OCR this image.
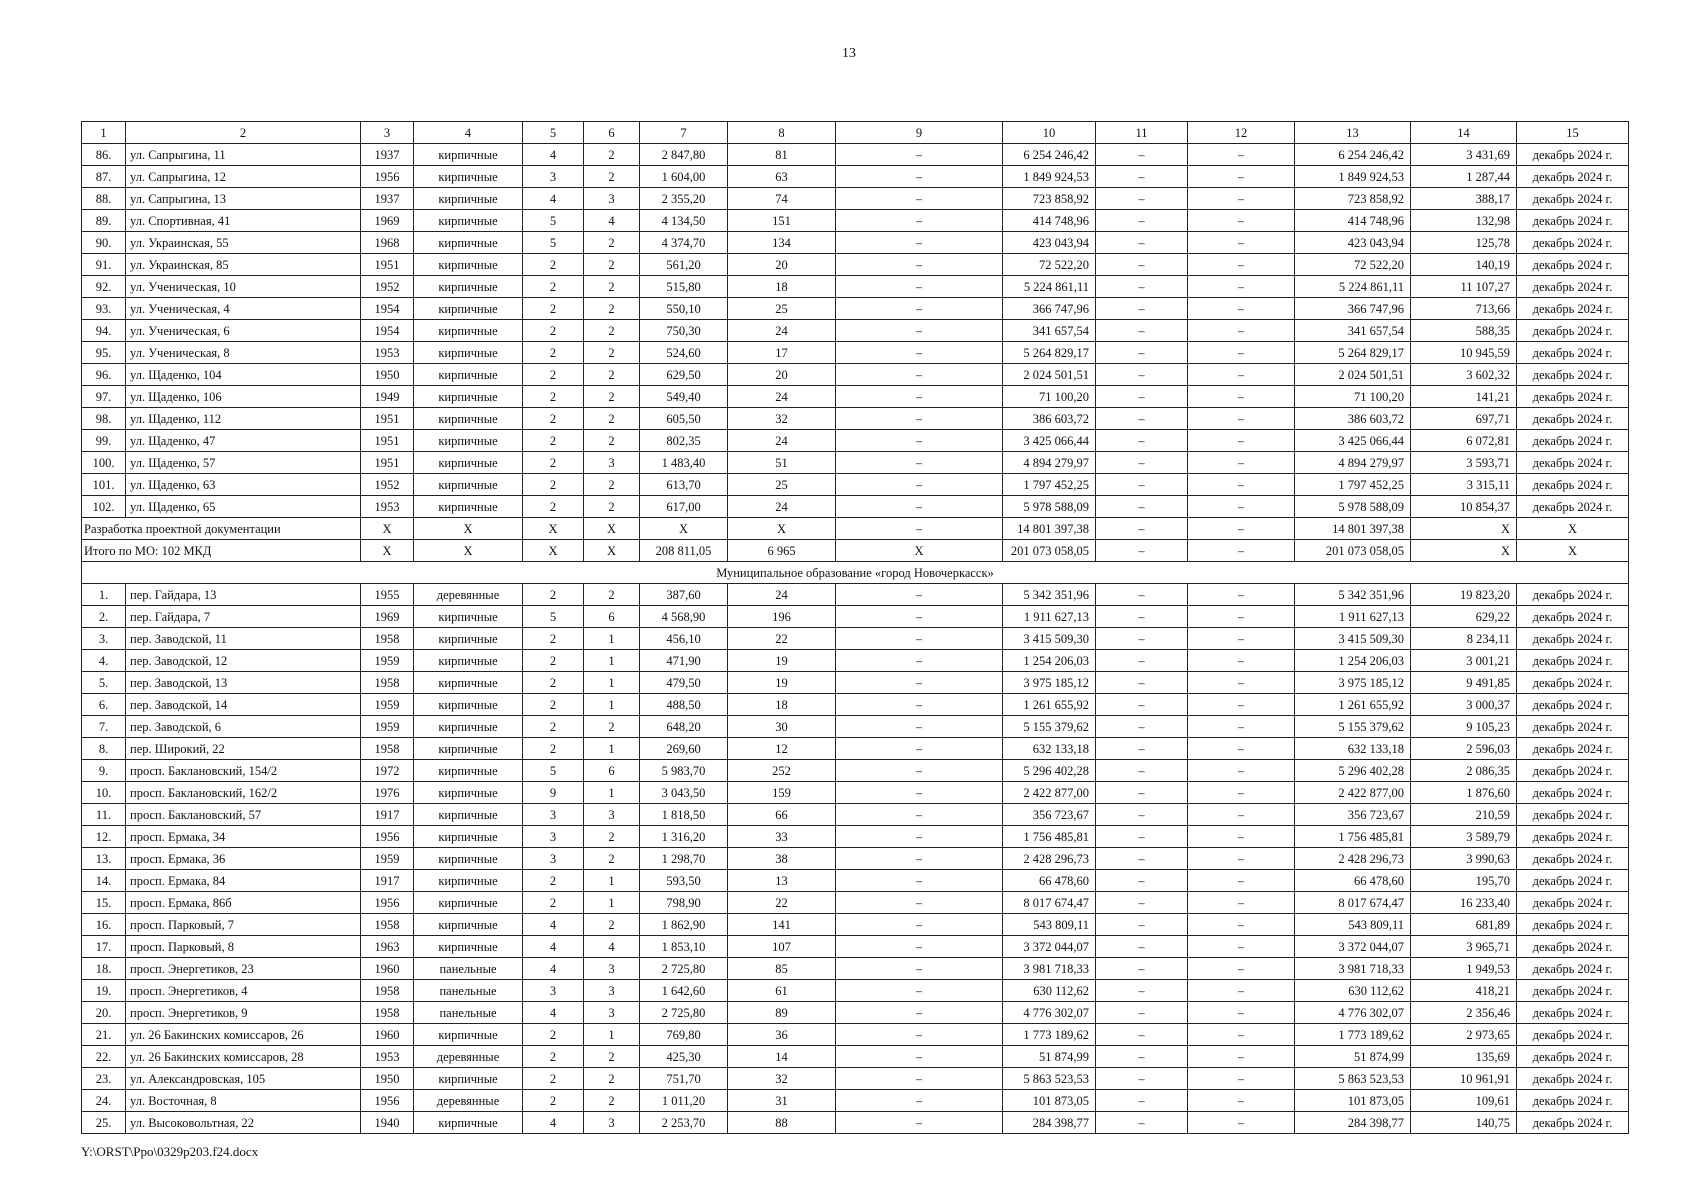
13
1	2	3	4	5	6	7	8	9	10	11	12	13	14	15
86.	ул. Сапрыгина, 11	1937	кирпичные	4	2	2 847,80	81	–	6 254 246,42	–	–	6 254 246,42	3 431,69	декабрь 2024 г.
87.	ул. Сапрыгина, 12	1956	кирпичные	3	2	1 604,00	63	–	1 849 924,53	–	–	1 849 924,53	1 287,44	декабрь 2024 г.
88.	ул. Сапрыгина, 13	1937	кирпичные	4	3	2 355,20	74	–	723 858,92	–	–	723 858,92	388,17	декабрь 2024 г.
89.	ул. Спортивная, 41	1969	кирпичные	5	4	4 134,50	151	–	414 748,96	–	–	414 748,96	132,98	декабрь 2024 г.
90.	ул. Украинская, 55	1968	кирпичные	5	2	4 374,70	134	–	423 043,94	–	–	423 043,94	125,78	декабрь 2024 г.
91.	ул. Украинская, 85	1951	кирпичные	2	2	561,20	20	–	72 522,20	–	–	72 522,20	140,19	декабрь 2024 г.
92.	ул. Ученическая, 10	1952	кирпичные	2	2	515,80	18	–	5 224 861,11	–	–	5 224 861,11	11 107,27	декабрь 2024 г.
93.	ул. Ученическая, 4	1954	кирпичные	2	2	550,10	25	–	366 747,96	–	–	366 747,96	713,66	декабрь 2024 г.
94.	ул. Ученическая, 6	1954	кирпичные	2	2	750,30	24	–	341 657,54	–	–	341 657,54	588,35	декабрь 2024 г.
95.	ул. Ученическая, 8	1953	кирпичные	2	2	524,60	17	–	5 264 829,17	–	–	5 264 829,17	10 945,59	декабрь 2024 г.
96.	ул. Щаденко, 104	1950	кирпичные	2	2	629,50	20	–	2 024 501,51	–	–	2 024 501,51	3 602,32	декабрь 2024 г.
97.	ул. Щаденко, 106	1949	кирпичные	2	2	549,40	24	–	71 100,20	–	–	71 100,20	141,21	декабрь 2024 г.
98.	ул. Щаденко, 112	1951	кирпичные	2	2	605,50	32	–	386 603,72	–	–	386 603,72	697,71	декабрь 2024 г.
99.	ул. Щаденко, 47	1951	кирпичные	2	2	802,35	24	–	3 425 066,44	–	–	3 425 066,44	6 072,81	декабрь 2024 г.
100.	ул. Щаденко, 57	1951	кирпичные	2	3	1 483,40	51	–	4 894 279,97	–	–	4 894 279,97	3 593,71	декабрь 2024 г.
101.	ул. Щаденко, 63	1952	кирпичные	2	2	613,70	25	–	1 797 452,25	–	–	1 797 452,25	3 315,11	декабрь 2024 г.
102.	ул. Щаденко, 65	1953	кирпичные	2	2	617,00	24	–	5 978 588,09	–	–	5 978 588,09	10 854,37	декабрь 2024 г.
Разработка проектной документации		X	X	X	X	X	X	–	14 801 397,38	–	–	14 801 397,38	X	X
Итого по МО: 102 МКД		X	X	X	X	208 811,05	6 965	X	201 073 058,05	–	–	201 073 058,05	X	X
Муниципальное образование «город Новочеркасск»														
1.	пер. Гайдара, 13	1955	деревянные	2	2	387,60	24	–	5 342 351,96	–	–	5 342 351,96	19 823,20	декабрь 2024 г.
2.	пер. Гайдара, 7	1969	кирпичные	5	6	4 568,90	196	–	1 911 627,13	–	–	1 911 627,13	629,22	декабрь 2024 г.
3.	пер. Заводской, 11	1958	кирпичные	2	1	456,10	22	–	3 415 509,30	–	–	3 415 509,30	8 234,11	декабрь 2024 г.
4.	пер. Заводской, 12	1959	кирпичные	2	1	471,90	19	–	1 254 206,03	–	–	1 254 206,03	3 001,21	декабрь 2024 г.
5.	пер. Заводской, 13	1958	кирпичные	2	1	479,50	19	–	3 975 185,12	–	–	3 975 185,12	9 491,85	декабрь 2024 г.
6.	пер. Заводской, 14	1959	кирпичные	2	1	488,50	18	–	1 261 655,92	–	–	1 261 655,92	3 000,37	декабрь 2024 г.
7.	пер. Заводской, 6	1959	кирпичные	2	2	648,20	30	–	5 155 379,62	–	–	5 155 379,62	9 105,23	декабрь 2024 г.
8.	пер. Широкий, 22	1958	кирпичные	2	1	269,60	12	–	632 133,18	–	–	632 133,18	2 596,03	декабрь 2024 г.
9.	просп. Баклановский, 154/2	1972	кирпичные	5	6	5 983,70	252	–	5 296 402,28	–	–	5 296 402,28	2 086,35	декабрь 2024 г.
10.	просп. Баклановский, 162/2	1976	кирпичные	9	1	3 043,50	159	–	2 422 877,00	–	–	2 422 877,00	1 876,60	декабрь 2024 г.
11.	просп. Баклановский, 57	1917	кирпичные	3	3	1 818,50	66	–	356 723,67	–	–	356 723,67	210,59	декабрь 2024 г.
12.	просп. Ермака, 34	1956	кирпичные	3	2	1 316,20	33	–	1 756 485,81	–	–	1 756 485,81	3 589,79	декабрь 2024 г.
13.	просп. Ермака, 36	1959	кирпичные	3	2	1 298,70	38	–	2 428 296,73	–	–	2 428 296,73	3 990,63	декабрь 2024 г.
14.	просп. Ермака, 84	1917	кирпичные	2	1	593,50	13	–	66 478,60	–	–	66 478,60	195,70	декабрь 2024 г.
15.	просп. Ермака, 86б	1956	кирпичные	2	1	798,90	22	–	8 017 674,47	–	–	8 017 674,47	16 233,40	декабрь 2024 г.
16.	просп. Парковый, 7	1958	кирпичные	4	2	1 862,90	141	–	543 809,11	–	–	543 809,11	681,89	декабрь 2024 г.
17.	просп. Парковый, 8	1963	кирпичные	4	4	1 853,10	107	–	3 372 044,07	–	–	3 372 044,07	3 965,71	декабрь 2024 г.
18.	просп. Энергетиков, 23	1960	панельные	4	3	2 725,80	85	–	3 981 718,33	–	–	3 981 718,33	1 949,53	декабрь 2024 г.
19.	просп. Энергетиков, 4	1958	панельные	3	3	1 642,60	61	–	630 112,62	–	–	630 112,62	418,21	декабрь 2024 г.
20.	просп. Энергетиков, 9	1958	панельные	4	3	2 725,80	89	–	4 776 302,07	–	–	4 776 302,07	2 356,46	декабрь 2024 г.
21.	ул. 26 Бакинских комиссаров, 26	1960	кирпичные	2	1	769,80	36	–	1 773 189,62	–	–	1 773 189,62	2 973,65	декабрь 2024 г.
22.	ул. 26 Бакинских комиссаров, 28	1953	деревянные	2	2	425,30	14	–	51 874,99	–	–	51 874,99	135,69	декабрь 2024 г.
23.	ул. Александровская, 105	1950	кирпичные	2	2	751,70	32	–	5 863 523,53	–	–	5 863 523,53	10 961,91	декабрь 2024 г.
24.	ул. Восточная, 8	1956	деревянные	2	2	1 011,20	31	–	101 873,05	–	–	101 873,05	109,61	декабрь 2024 г.
25.	ул. Высоковольтная, 22	1940	кирпичные	4	3	2 253,70	88	–	284 398,77	–	–	284 398,77	140,75	декабрь 2024 г.
Y:\ORST\Ppo\0329p203.f24.docx
